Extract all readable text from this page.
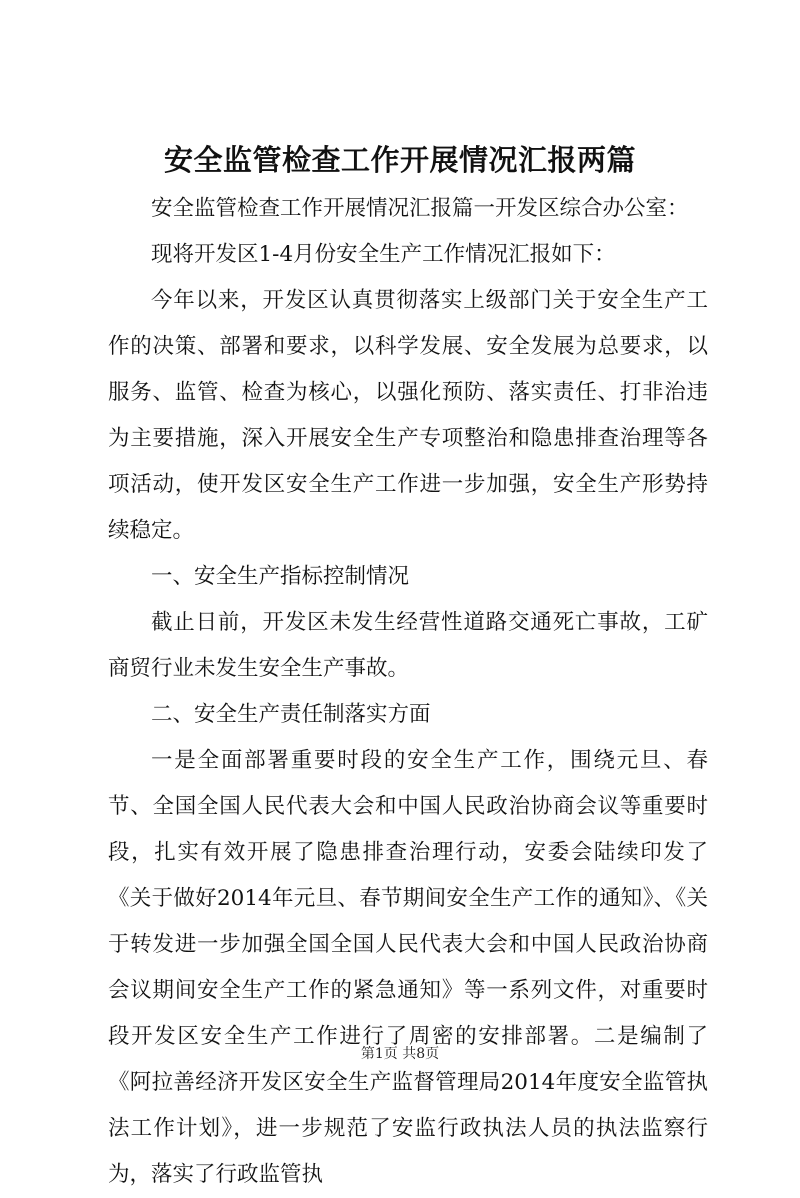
安全监管检查工作开展情况汇报两篇

安全监管检查工作开展情况汇报篇一开发区综合办公室：

现将开发区1-4月份安全生产工作情况汇报如下：

今年以来，开发区认真贯彻落实上级部门关于安全生产工作的决策、部署和要求，以科学发展、安全发展为总要求，以服务、监管、检查为核心，以强化预防、落实责任、打非治违为主要措施，深入开展安全生产专项整治和隐患排查治理等各项活动，使开发区安全生产工作进一步加强，安全生产形势持续稳定。

一、安全生产指标控制情况

截止日前，开发区未发生经营性道路交通死亡事故，工矿商贸行业未发生安全生产事故。

二、安全生产责任制落实方面

一是全面部署重要时段的安全生产工作，围绕元旦、春节、全国全国人民代表大会和中国人民政治协商会议等重要时段，扎实有效开展了隐患排查治理行动，安委会陆续印发了《关于做好2014年元旦、春节期间安全生产工作的通知》、《关于转发进一步加强全国全国人民代表大会和中国人民政治协商会议期间安全生产工作的紧急通知》等一系列文件，对重要时段开发区安全生产工作进行了周密的安排部署。二是编制了《阿拉善经济开发区安全生产监督管理局2014年度安全监管执法工作计划》，进一步规范了安监行政执法人员的执法监察行为，落实了行政监管执

第1页 共8页
